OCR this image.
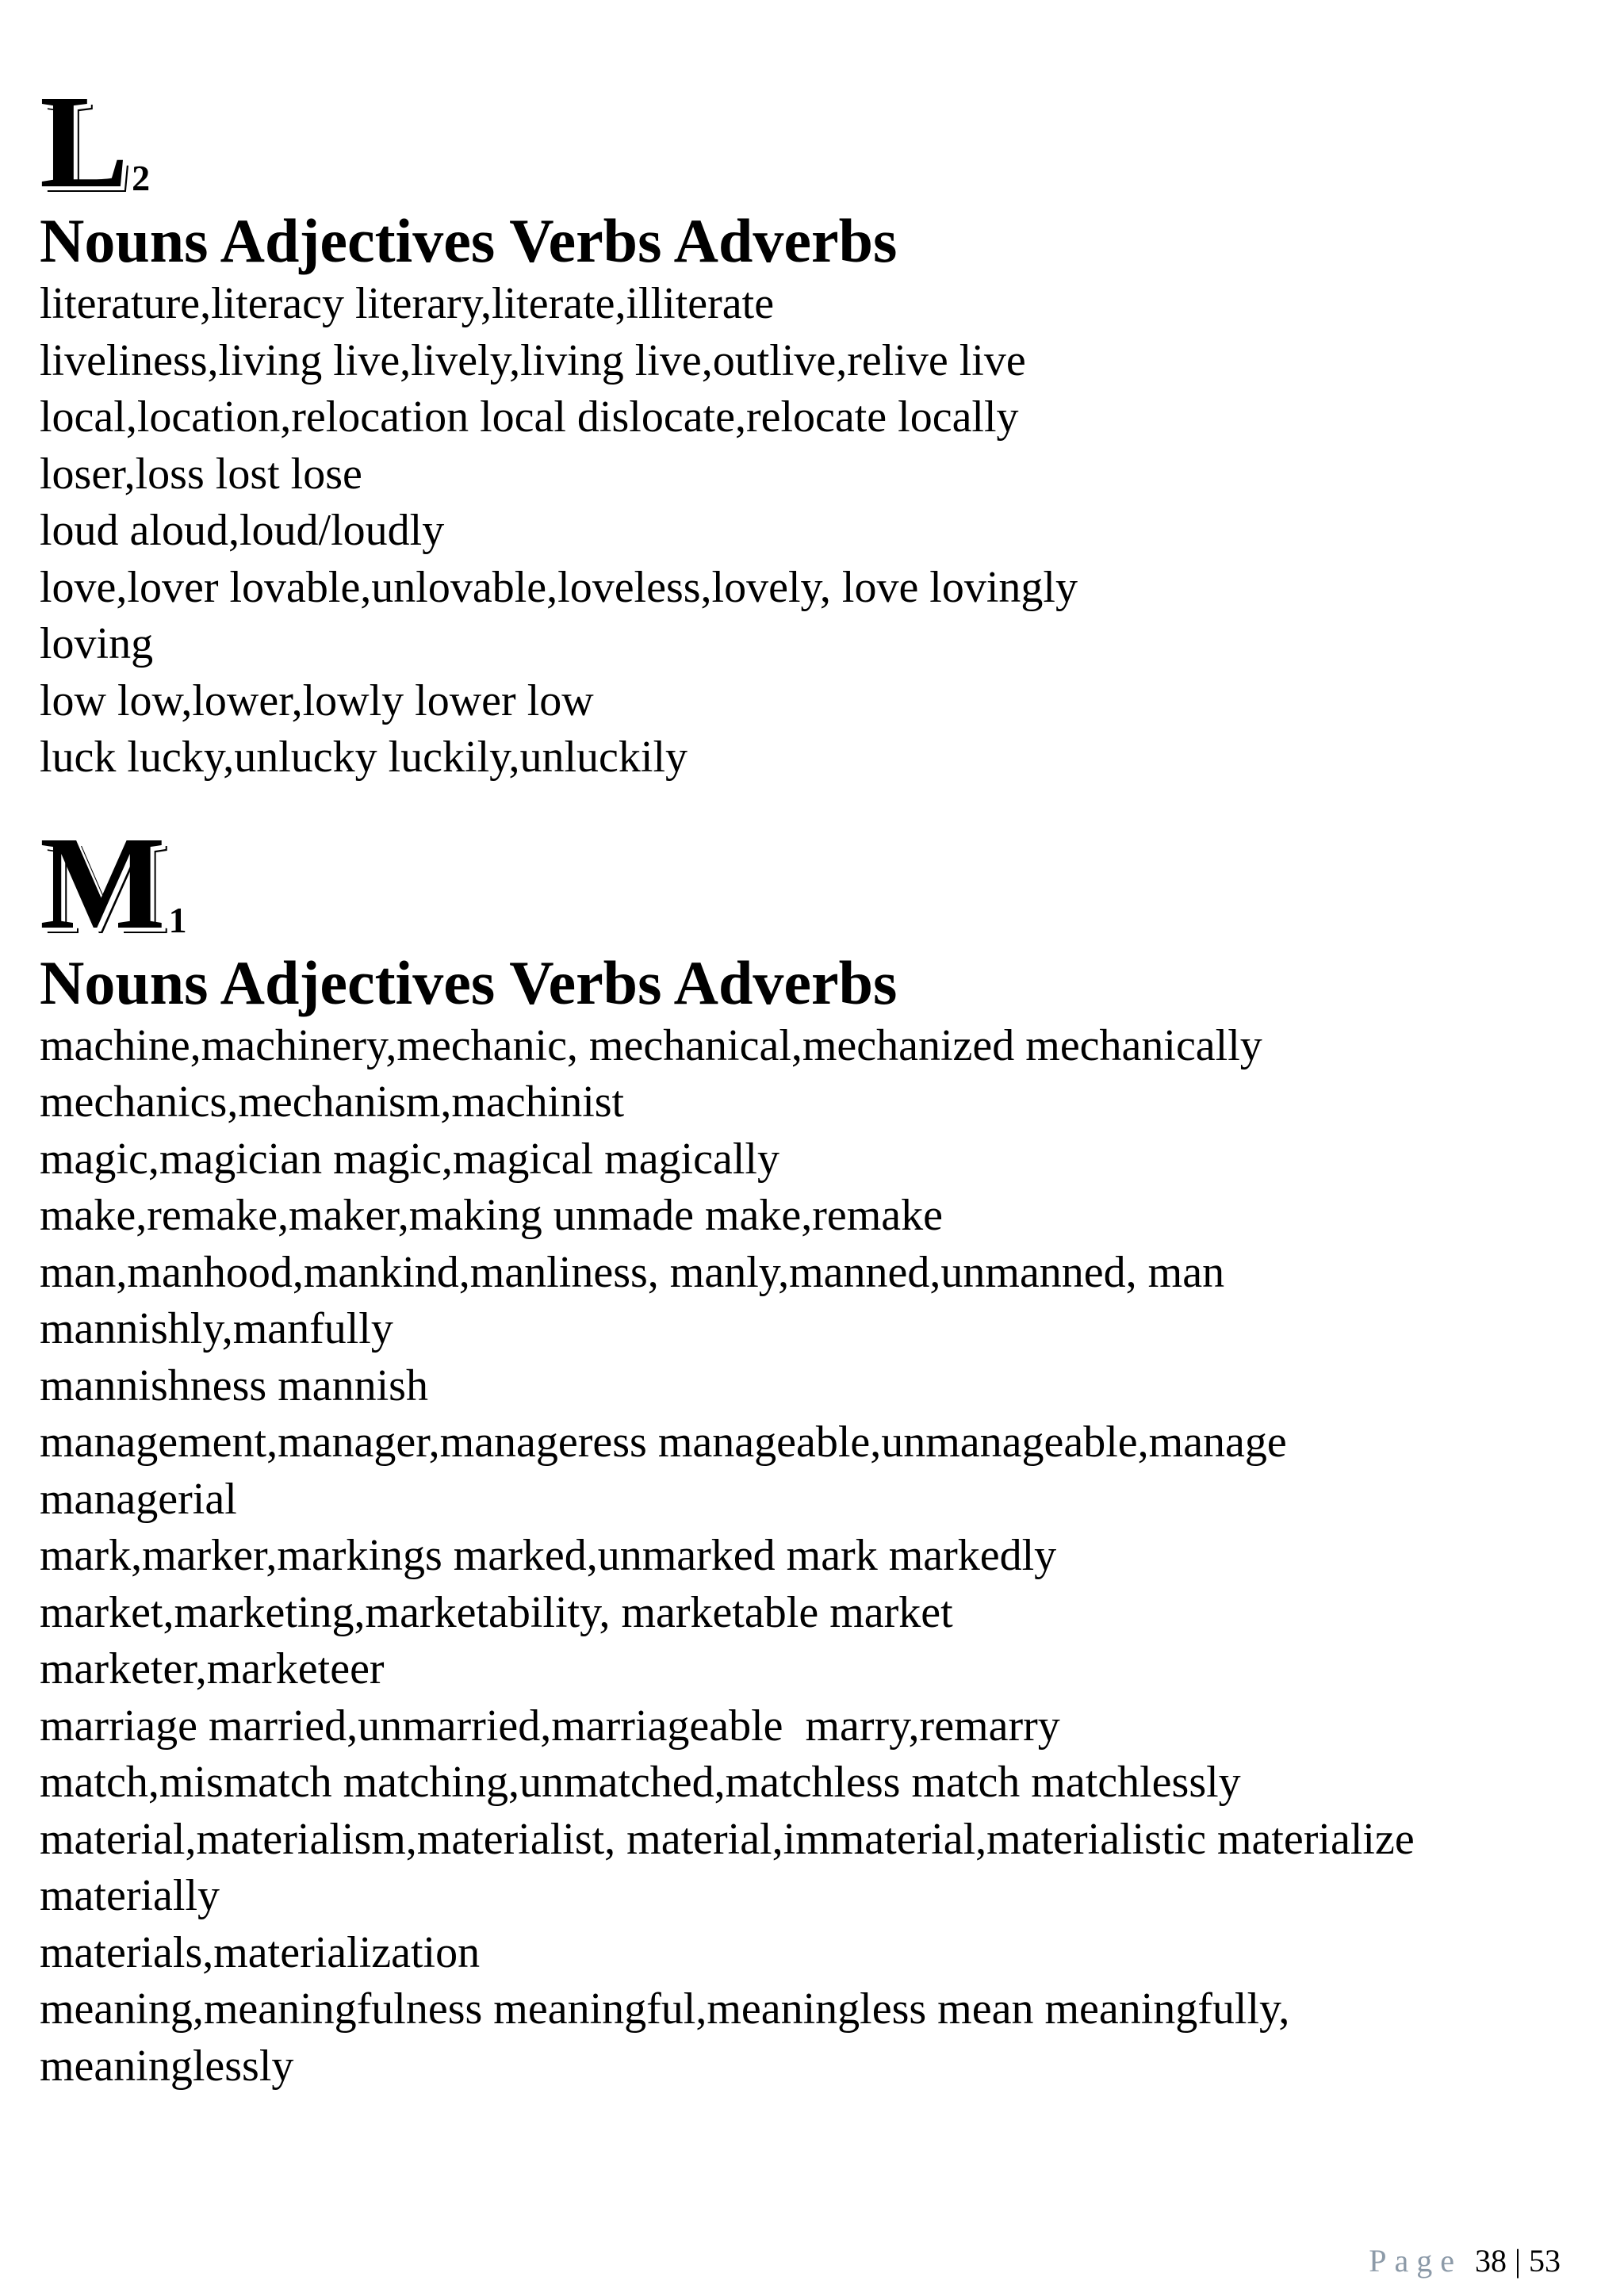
L 2
Nouns Adjectives Verbs Adverbs

literature,literacy literary,literate,illiterate

liveliness,living live,lively,living live,outlive,relive live

local,location,relocation local dislocate,relocate locally

loser,loss lost lose

loud aloud,loud/loudly

love,lover lovable,unlovable,loveless,lovely, love lovingly

loving

low low,lower,lowly lower low

luck lucky,unlucky luckily,unluckily

M 1
Nouns Adjectives Verbs Adverbs

machine,machinery,mechanic, mechanical,mechanized mechanically

mechanics,mechanism,machinist

magic,magician magic,magical magically

make,remake,maker,making unmade make,remake

man,manhood,mankind,manliness, manly,manned,unmanned, man

mannishly,manfully

mannishness mannish

management,manager,manageress manageable,unmanageable,manage

managerial

mark,marker,markings marked,unmarked mark markedly

market,marketing,marketability, marketable market

marketer,marketeer

marriage married,unmarried,marriageable  marry,remarry

match,mismatch matching,unmatched,matchless match matchlessly

material,materialism,materialist, material,immaterial,materialistic materialize

materially

materials,materialization

meaning,meaningfulness meaningful,meaningless mean meaningfully,

meaninglessly

Page 38 | 53
